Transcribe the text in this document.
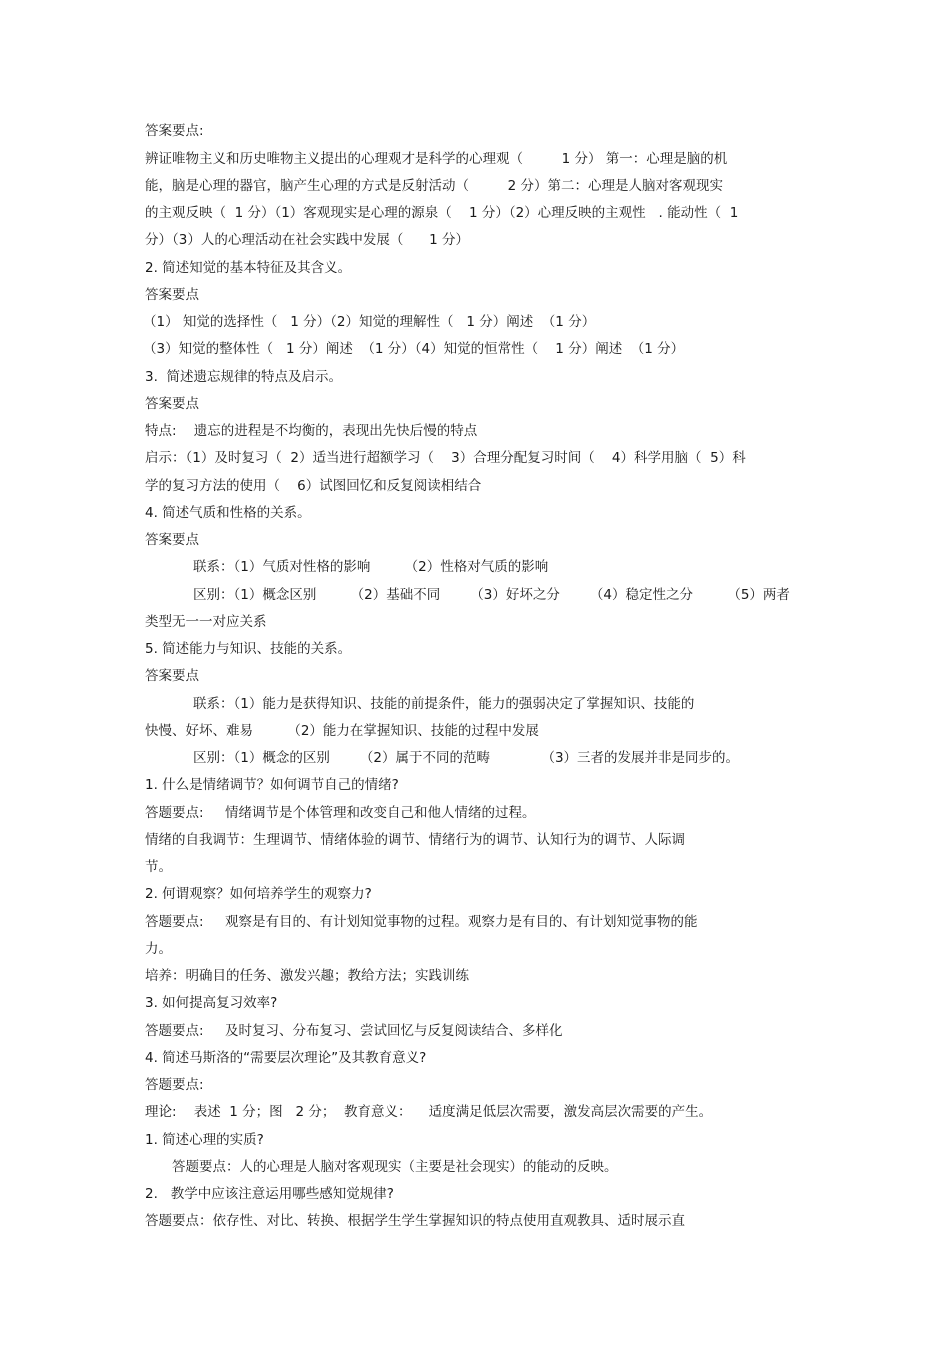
答案要点:
辨证唯物主义和历史唯物主义提出的心理观才是科学的心理观（         1 分） 第一：心理是脑的机
能，脑是心理的器官，脑产生心理的方式是反射活动（         2 分）第二：心理是人脑对客观现实
的主观反映（  1 分）（1）客观现实是心理的源泉（    1 分）（2）心理反映的主观性   . 能动性（  1
分）（3）人的心理活动在社会实践中发展（      1 分）
2. 简述知觉的基本特征及其含义。
答案要点
（1） 知觉的选择性（   1 分）（2）知觉的理解性（   1 分）阐述  （1 分）
（3）知觉的整体性（   1 分）阐述  （1 分）（4）知觉的恒常性（    1 分）阐述  （1 分）
3.  简述遗忘规律的特点及启示。
答案要点
特点:    遗忘的进程是不均衡的，表现出先快后慢的特点
启示：（1）及时复习（  2）适当进行超额学习（    3）合理分配复习时间（    4）科学用脑（  5）科
学的复习方法的使用（    6）试图回忆和反复阅读相结合
4. 简述气质和性格的关系。
答案要点
联系：（1）气质对性格的影响        （2）性格对气质的影响
区别：（1）概念区别        （2）基础不同       （3）好坏之分       （4）稳定性之分        （5）两者
类型无一一对应关系
5. 简述能力与知识、技能的关系。
答案要点
联系：（1）能力是获得知识、技能的前提条件，能力的强弱决定了掌握知识、技能的
快慢、好坏、难易        （2）能力在掌握知识、技能的过程中发展
区别：（1）概念的区别       （2）属于不同的范畴            （3）三者的发展并非是同步的。
1. 什么是情绪调节？如何调节自己的情绪?
答题要点:     情绪调节是个体管理和改变自己和他人情绪的过程。
情绪的自我调节：生理调节、情绪体验的调节、情绪行为的调节、认知行为的调节、人际调
节。
2. 何谓观察？如何培养学生的观察力?
答题要点:     观察是有目的、有计划知觉事物的过程。观察力是有目的、有计划知觉事物的能
力。
培养：明确目的任务、激发兴趣；教给方法；实践训练
3. 如何提高复习效率?
答题要点:     及时复习、分布复习、尝试回忆与反复阅读结合、多样化
4. 简述马斯洛的“需要层次理论”及其教育意义?
答题要点:
理论:    表述  1 分；图   2 分；  教育意义：    适度满足低层次需要，激发高层次需要的产生。
1. 简述心理的实质?
答题要点：人的心理是人脑对客观现实（主要是社会现实）的能动的反映。
2.   教学中应该注意运用哪些感知觉规律?
答题要点：依存性、对比、转换、根据学生学生掌握知识的特点使用直观教具、适时展示直
